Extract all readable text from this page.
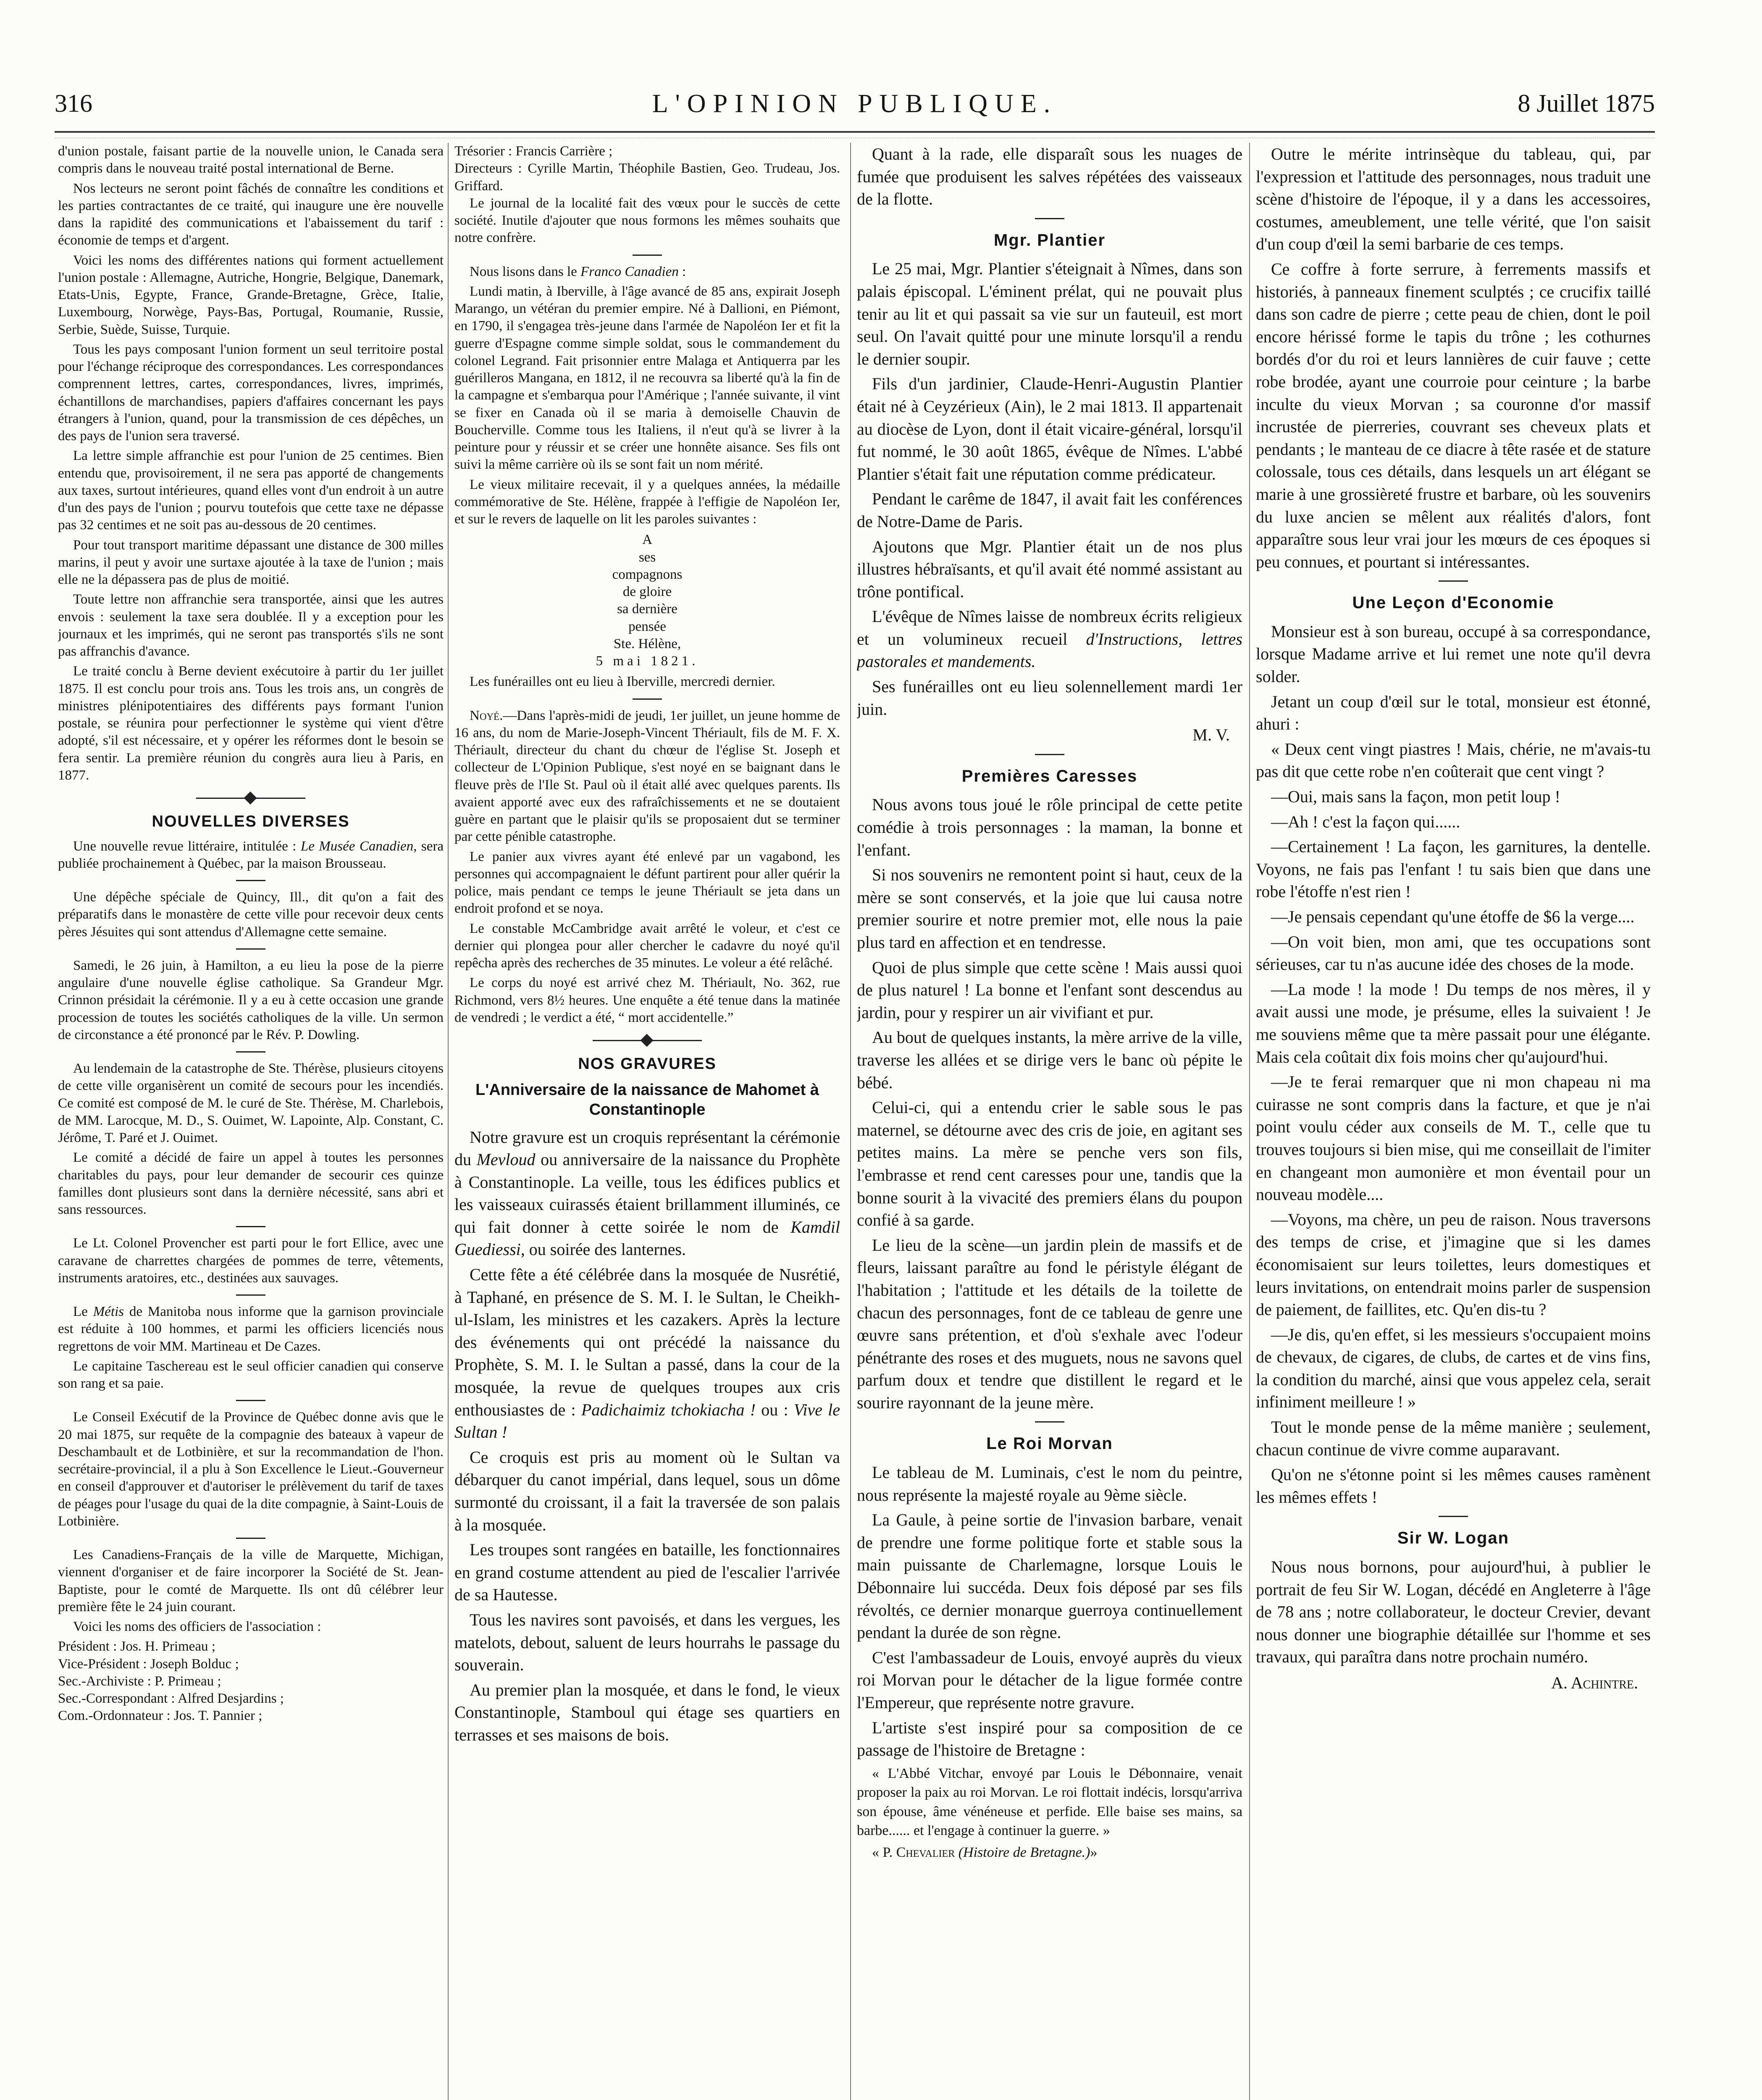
316	L'OPINION PUBLIQUE.	8 Juillet 1875

d'union postale, faisant partie de la nouvelle union, le Canada sera compris dans le nouveau traité postal international de Berne.

Nos lecteurs ne seront point fâchés de connaître les conditions et les parties contractantes de ce traité, qui inaugure une ère nouvelle dans la rapidité des communications et l'abaissement du tarif : économie de temps et d'argent.

Voici les noms des différentes nations qui forment actuellement l'union postale : Allemagne, Autriche, Hongrie, Belgique, Danemark, Etats-Unis, Egypte, France, Grande-Bretagne, Grèce, Italie, Luxembourg, Norwège, Pays-Bas, Portugal, Roumanie, Russie, Serbie, Suède, Suisse, Turquie.

Tous les pays composant l'union forment un seul territoire postal pour l'échange réciproque des correspondances. Les correspondances comprennent lettres, cartes, correspondances, livres, imprimés, échantillons de marchandises, papiers d'affaires concernant les pays étrangers à l'union, quand, pour la transmission de ces dépêches, un des pays de l'union sera traversé.

La lettre simple affranchie est pour l'union de 25 centimes. Bien entendu que, provisoirement, il ne sera pas apporté de changements aux taxes, surtout intérieures, quand elles vont d'un endroit à un autre d'un des pays de l'union ; pourvu toutefois que cette taxe ne dépasse pas 32 centimes et ne soit pas au-dessous de 20 centimes.

Pour tout transport maritime dépassant une distance de 300 milles marins, il peut y avoir une surtaxe ajoutée à la taxe de l'union ; mais elle ne la dépassera pas de plus de moitié.

Toute lettre non affranchie sera transportée, ainsi que les autres envois : seulement la taxe sera doublée. Il y a exception pour les journaux et les imprimés, qui ne seront pas transportés s'ils ne sont pas affranchis d'avance.

Le traité conclu à Berne devient exécutoire à partir du 1er juillet 1875. Il est conclu pour trois ans. Tous les trois ans, un congrès de ministres plénipotentiaires des différents pays formant l'union postale, se réunira pour perfectionner le système qui vient d'être adopté, s'il est nécessaire, et y opérer les réformes dont le besoin se fera sentir. La première réunion du congrès aura lieu à Paris, en 1877.

NOUVELLES DIVERSES

Une nouvelle revue littéraire, intitulée : Le Musée Canadien, sera publiée prochainement à Québec, par la maison Brousseau.

Une dépêche spéciale de Quincy, Ill., dit qu'on a fait des préparatifs dans le monastère de cette ville pour recevoir deux cents pères Jésuites qui sont attendus d'Allemagne cette semaine.

Samedi, le 26 juin, à Hamilton, a eu lieu la pose de la pierre angulaire d'une nouvelle église catholique. Sa Grandeur Mgr. Crinnon présidait la cérémonie. Il y a eu à cette occasion une grande procession de toutes les sociétés catholiques de la ville. Un sermon de circonstance a été prononcé par le Rév. P. Dowling.

Au lendemain de la catastrophe de Ste. Thérèse, plusieurs citoyens de cette ville organisèrent un comité de secours pour les incendiés. Ce comité est composé de M. le curé de Ste. Thérèse, M. Charlebois, de MM. Larocque, M. D., S. Ouimet, W. Lapointe, Alp. Constant, C. Jérôme, T. Paré et J. Ouimet.

Le comité a décidé de faire un appel à toutes les personnes charitables du pays, pour leur demander de secourir ces quinze familles dont plusieurs sont dans la dernière nécessité, sans abri et sans ressources.

Le Lt. Colonel Provencher est parti pour le fort Ellice, avec une caravane de charrettes chargées de pommes de terre, vêtements, instruments aratoires, etc., destinées aux sauvages.

Le Métis de Manitoba nous informe que la garnison provinciale est réduite à 100 hommes, et parmi les officiers licenciés nous regrettons de voir MM. Martineau et De Cazes.

Le capitaine Taschereau est le seul officier canadien qui conserve son rang et sa paie.

Le Conseil Exécutif de la Province de Québec donne avis que le 20 mai 1875, sur requête de la compagnie des bateaux à vapeur de Deschambault et de Lotbinière, et sur la recommandation de l'hon. secrétaire-provincial, il a plu à Son Excellence le Lieut.-Gouverneur en conseil d'approuver et d'autoriser le prélèvement du tarif de taxes de péages pour l'usage du quai de la dite compagnie, à Saint-Louis de Lotbinière.

Les Canadiens-Français de la ville de Marquette, Michigan, viennent d'organiser et de faire incorporer la Société de St. Jean-Baptiste, pour le comté de Marquette. Ils ont dû célébrer leur première fête le 24 juin courant.

Voici les noms des officiers de l'association :

Président : Jos. H. Primeau ;

Vice-Président : Joseph Bolduc ;

Sec.-Archiviste : P. Primeau ;

Sec.-Correspondant : Alfred Desjardins ;

Com.-Ordonnateur : Jos. T. Pannier ;

Trésorier : Francis Carrière ;

Directeurs : Cyrille Martin, Théophile Bastien, Geo. Trudeau, Jos. Griffard.

Le journal de la localité fait des vœux pour le succès de cette société. Inutile d'ajouter que nous formons les mêmes souhaits que notre confrère.

Nous lisons dans le Franco Canadien :

Lundi matin, à Iberville, à l'âge avancé de 85 ans, expirait Joseph Marango, un vétéran du premier empire. Né à Dallioni, en Piémont, en 1790, il s'engagea très-jeune dans l'armée de Napoléon Ier et fit la guerre d'Espagne comme simple soldat, sous le commandement du colonel Legrand. Fait prisonnier entre Malaga et Antiquerra par les guérilleros Mangana, en 1812, il ne recouvra sa liberté qu'à la fin de la campagne et s'embarqua pour l'Amérique ; l'année suivante, il vint se fixer en Canada où il se maria à demoiselle Chauvin de Boucherville. Comme tous les Italiens, il n'eut qu'à se livrer à la peinture pour y réussir et se créer une honnête aisance. Ses fils ont suivi la même carrière où ils se sont fait un nom mérité.

Le vieux militaire recevait, il y a quelques années, la médaille commémorative de Ste. Hélène, frappée à l'effigie de Napoléon Ier, et sur le revers de laquelle on lit les paroles suivantes :

A
ses
compagnons
de gloire
sa dernière
pensée
Ste. Hélène,
5 mai 1821.

Les funérailles ont eu lieu à Iberville, mercredi dernier.

Noyé.—Dans l'après-midi de jeudi, 1er juillet, un jeune homme de 16 ans, du nom de Marie-Joseph-Vincent Thériault, fils de M. F. X. Thériault, directeur du chant du chœur de l'église St. Joseph et collecteur de L'Opinion Publique, s'est noyé en se baignant dans le fleuve près de l'Ile St. Paul où il était allé avec quelques parents. Ils avaient apporté avec eux des rafraîchissements et ne se doutaient guère en partant que le plaisir qu'ils se proposaient dut se terminer par cette pénible catastrophe.

Le panier aux vivres ayant été enlevé par un vagabond, les personnes qui accompagnaient le défunt partirent pour aller quérir la police, mais pendant ce temps le jeune Thériault se jeta dans un endroit profond et se noya.

Le constable McCambridge avait arrêté le voleur, et c'est ce dernier qui plongea pour aller chercher le cadavre du noyé qu'il repêcha après des recherches de 35 minutes. Le voleur a été relâché.

Le corps du noyé est arrivé chez M. Thériault, No. 362, rue Richmond, vers 8½ heures. Une enquête a été tenue dans la matinée de vendredi ; le verdict a été, “ mort accidentelle.”

NOS GRAVURES
L'Anniversaire de la naissance de Mahomet à Constantinople

Notre gravure est un croquis représentant la cérémonie du Mevloud ou anniversaire de la naissance du Prophète à Constantinople. La veille, tous les édifices publics et les vaisseaux cuirassés étaient brillamment illuminés, ce qui fait donner à cette soirée le nom de Kamdil Guediessi, ou soirée des lanternes.

Cette fête a été célébrée dans la mosquée de Nusrétié, à Taphané, en présence de S. M. I. le Sultan, le Cheikh-ul-Islam, les ministres et les cazakers. Après la lecture des événements qui ont précédé la naissance du Prophète, S. M. I. le Sultan a passé, dans la cour de la mosquée, la revue de quelques troupes aux cris enthousiastes de : Padichaimiz tchokiacha ! ou : Vive le Sultan !

Ce croquis est pris au moment où le Sultan va débarquer du canot impérial, dans lequel, sous un dôme surmonté du croissant, il a fait la traversée de son palais à la mosquée.

Les troupes sont rangées en bataille, les fonctionnaires en grand costume attendent au pied de l'escalier l'arrivée de sa Hautesse.

Tous les navires sont pavoisés, et dans les vergues, les matelots, debout, saluent de leurs hourrahs le passage du souverain.

Au premier plan la mosquée, et dans le fond, le vieux Constantinople, Stamboul qui étage ses quartiers en terrasses et ses maisons de bois.

Quant à la rade, elle disparaît sous les nuages de fumée que produisent les salves répétées des vaisseaux de la flotte.

Mgr. Plantier

Le 25 mai, Mgr. Plantier s'éteignait à Nîmes, dans son palais épiscopal. L'éminent prélat, qui ne pouvait plus tenir au lit et qui passait sa vie sur un fauteuil, est mort seul. On l'avait quitté pour une minute lorsqu'il a rendu le dernier soupir.

Fils d'un jardinier, Claude-Henri-Augustin Plantier était né à Ceyzérieux (Ain), le 2 mai 1813. Il appartenait au diocèse de Lyon, dont il était vicaire-général, lorsqu'il fut nommé, le 30 août 1865, évêque de Nîmes. L'abbé Plantier s'était fait une réputation comme prédicateur.

Pendant le carême de 1847, il avait fait les conférences de Notre-Dame de Paris.

Ajoutons que Mgr. Plantier était un de nos plus illustres hébraïsants, et qu'il avait été nommé assistant au trône pontifical.

L'évêque de Nîmes laisse de nombreux écrits religieux et un volumineux recueil d'Instructions, lettres pastorales et mandements.

Ses funérailles ont eu lieu solennellement mardi 1er juin.

M. V.
Premières Caresses

Nous avons tous joué le rôle principal de cette petite comédie à trois personnages : la maman, la bonne et l'enfant.

Si nos souvenirs ne remontent point si haut, ceux de la mère se sont conservés, et la joie que lui causa notre premier sourire et notre premier mot, elle nous la paie plus tard en affection et en tendresse.

Quoi de plus simple que cette scène ! Mais aussi quoi de plus naturel ! La bonne et l'enfant sont descendus au jardin, pour y respirer un air vivifiant et pur.

Au bout de quelques instants, la mère arrive de la ville, traverse les allées et se dirige vers le banc où pépite le bébé.

Celui-ci, qui a entendu crier le sable sous le pas maternel, se détourne avec des cris de joie, en agitant ses petites mains. La mère se penche vers son fils, l'embrasse et rend cent caresses pour une, tandis que la bonne sourit à la vivacité des premiers élans du poupon confié à sa garde.

Le lieu de la scène—un jardin plein de massifs et de fleurs, laissant paraître au fond le péristyle élégant de l'habitation ; l'attitude et les détails de la toilette de chacun des personnages, font de ce tableau de genre une œuvre sans prétention, et d'où s'exhale avec l'odeur pénétrante des roses et des muguets, nous ne savons quel parfum doux et tendre que distillent le regard et le sourire rayonnant de la jeune mère.

Le Roi Morvan

Le tableau de M. Luminais, c'est le nom du peintre, nous représente la majesté royale au 9ème siècle.

La Gaule, à peine sortie de l'invasion barbare, venait de prendre une forme politique forte et stable sous la main puissante de Charlemagne, lorsque Louis le Débonnaire lui succéda. Deux fois déposé par ses fils révoltés, ce dernier monarque guerroya continuellement pendant la durée de son règne.

C'est l'ambassadeur de Louis, envoyé auprès du vieux roi Morvan pour le détacher de la ligue formée contre l'Empereur, que représente notre gravure.

L'artiste s'est inspiré pour sa composition de ce passage de l'histoire de Bretagne :

« L'Abbé Vitchar, envoyé par Louis le Débonnaire, venait proposer la paix au roi Morvan. Le roi flottait indécis, lorsqu'arriva son épouse, âme vénéneuse et perfide. Elle baise ses mains, sa barbe...... et l'engage à continuer la guerre. »

« P. Chevalier (Histoire de Bretagne.)»

Outre le mérite intrinsèque du tableau, qui, par l'expression et l'attitude des personnages, nous traduit une scène d'histoire de l'époque, il y a dans les accessoires, costumes, ameublement, une telle vérité, que l'on saisit d'un coup d'œil la semi barbarie de ces temps.

Ce coffre à forte serrure, à ferrements massifs et historiés, à panneaux finement sculptés ; ce crucifix taillé dans son cadre de pierre ; cette peau de chien, dont le poil encore hérissé forme le tapis du trône ; les cothurnes bordés d'or du roi et leurs lannières de cuir fauve ; cette robe brodée, ayant une courroie pour ceinture ; la barbe inculte du vieux Morvan ; sa couronne d'or massif incrustée de pierreries, couvrant ses cheveux plats et pendants ; le manteau de ce diacre à tête rasée et de stature colossale, tous ces détails, dans lesquels un art élégant se marie à une grossièreté frustre et barbare, où les souvenirs du luxe ancien se mêlent aux réalités d'alors, font apparaître sous leur vrai jour les mœurs de ces époques si peu connues, et pourtant si intéressantes.

Une Leçon d'Economie

Monsieur est à son bureau, occupé à sa correspondance, lorsque Madame arrive et lui remet une note qu'il devra solder.

Jetant un coup d'œil sur le total, monsieur est étonné, ahuri :

« Deux cent vingt piastres ! Mais, chérie, ne m'avais-tu pas dit que cette robe n'en coûterait que cent vingt ?

—Oui, mais sans la façon, mon petit loup !

—Ah ! c'est la façon qui......

—Certainement ! La façon, les garnitures, la dentelle. Voyons, ne fais pas l'enfant ! tu sais bien que dans une robe l'étoffe n'est rien !

—Je pensais cependant qu'une étoffe de $6 la verge....

—On voit bien, mon ami, que tes occupations sont sérieuses, car tu n'as aucune idée des choses de la mode.

—La mode ! la mode ! Du temps de nos mères, il y avait aussi une mode, je présume, elles la suivaient ! Je me souviens même que ta mère passait pour une élégante. Mais cela coûtait dix fois moins cher qu'aujourd'hui.

—Je te ferai remarquer que ni mon chapeau ni ma cuirasse ne sont compris dans la facture, et que je n'ai point voulu céder aux conseils de M. T., celle que tu trouves toujours si bien mise, qui me conseillait de l'imiter en changeant mon aumonière et mon éventail pour un nouveau modèle....

—Voyons, ma chère, un peu de raison. Nous traversons des temps de crise, et j'imagine que si les dames économisaient sur leurs toilettes, leurs domestiques et leurs invitations, on entendrait moins parler de suspension de paiement, de faillites, etc. Qu'en dis-tu ?

—Je dis, qu'en effet, si les messieurs s'occupaient moins de chevaux, de cigares, de clubs, de cartes et de vins fins, la condition du marché, ainsi que vous appelez cela, serait infiniment meilleure ! »

Tout le monde pense de la même manière ; seulement, chacun continue de vivre comme auparavant.

Qu'on ne s'étonne point si les mêmes causes ramènent les mêmes effets !

Sir W. Logan

Nous nous bornons, pour aujourd'hui, à publier le portrait de feu Sir W. Logan, décédé en Angleterre à l'âge de 78 ans ; notre collaborateur, le docteur Crevier, devant nous donner une biographie détaillée sur l'homme et ses travaux, qui paraîtra dans notre prochain numéro.

A. Achintre.
